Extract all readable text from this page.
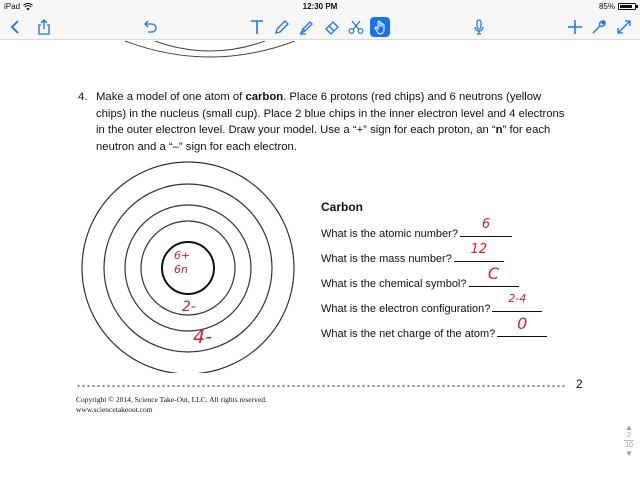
iPad	12:30 PM	85%
4. Make a model of one atom of carbon. Place 6 protons (red chips) and 6 neutrons (yellow chips) in the nucleus (small cup). Place 2 blue chips in the inner electron level and 4 electrons in the outer electron level. Draw your model. Use a “+” sign for each proton, an “n” for each neutron and a “–” sign for each electron.
6+
6n
2-
4-
Carbon
What is the atomic number?
6
What is the mass number?
12
What is the chemical symbol?
C
What is the electron configuration?
2-4
What is the net charge of the atom?
0
2
Copyright © 2014, Science Take-Out, LLC. All rights reserved.
www.sciencetakeout.com
▲
2
10
▼
